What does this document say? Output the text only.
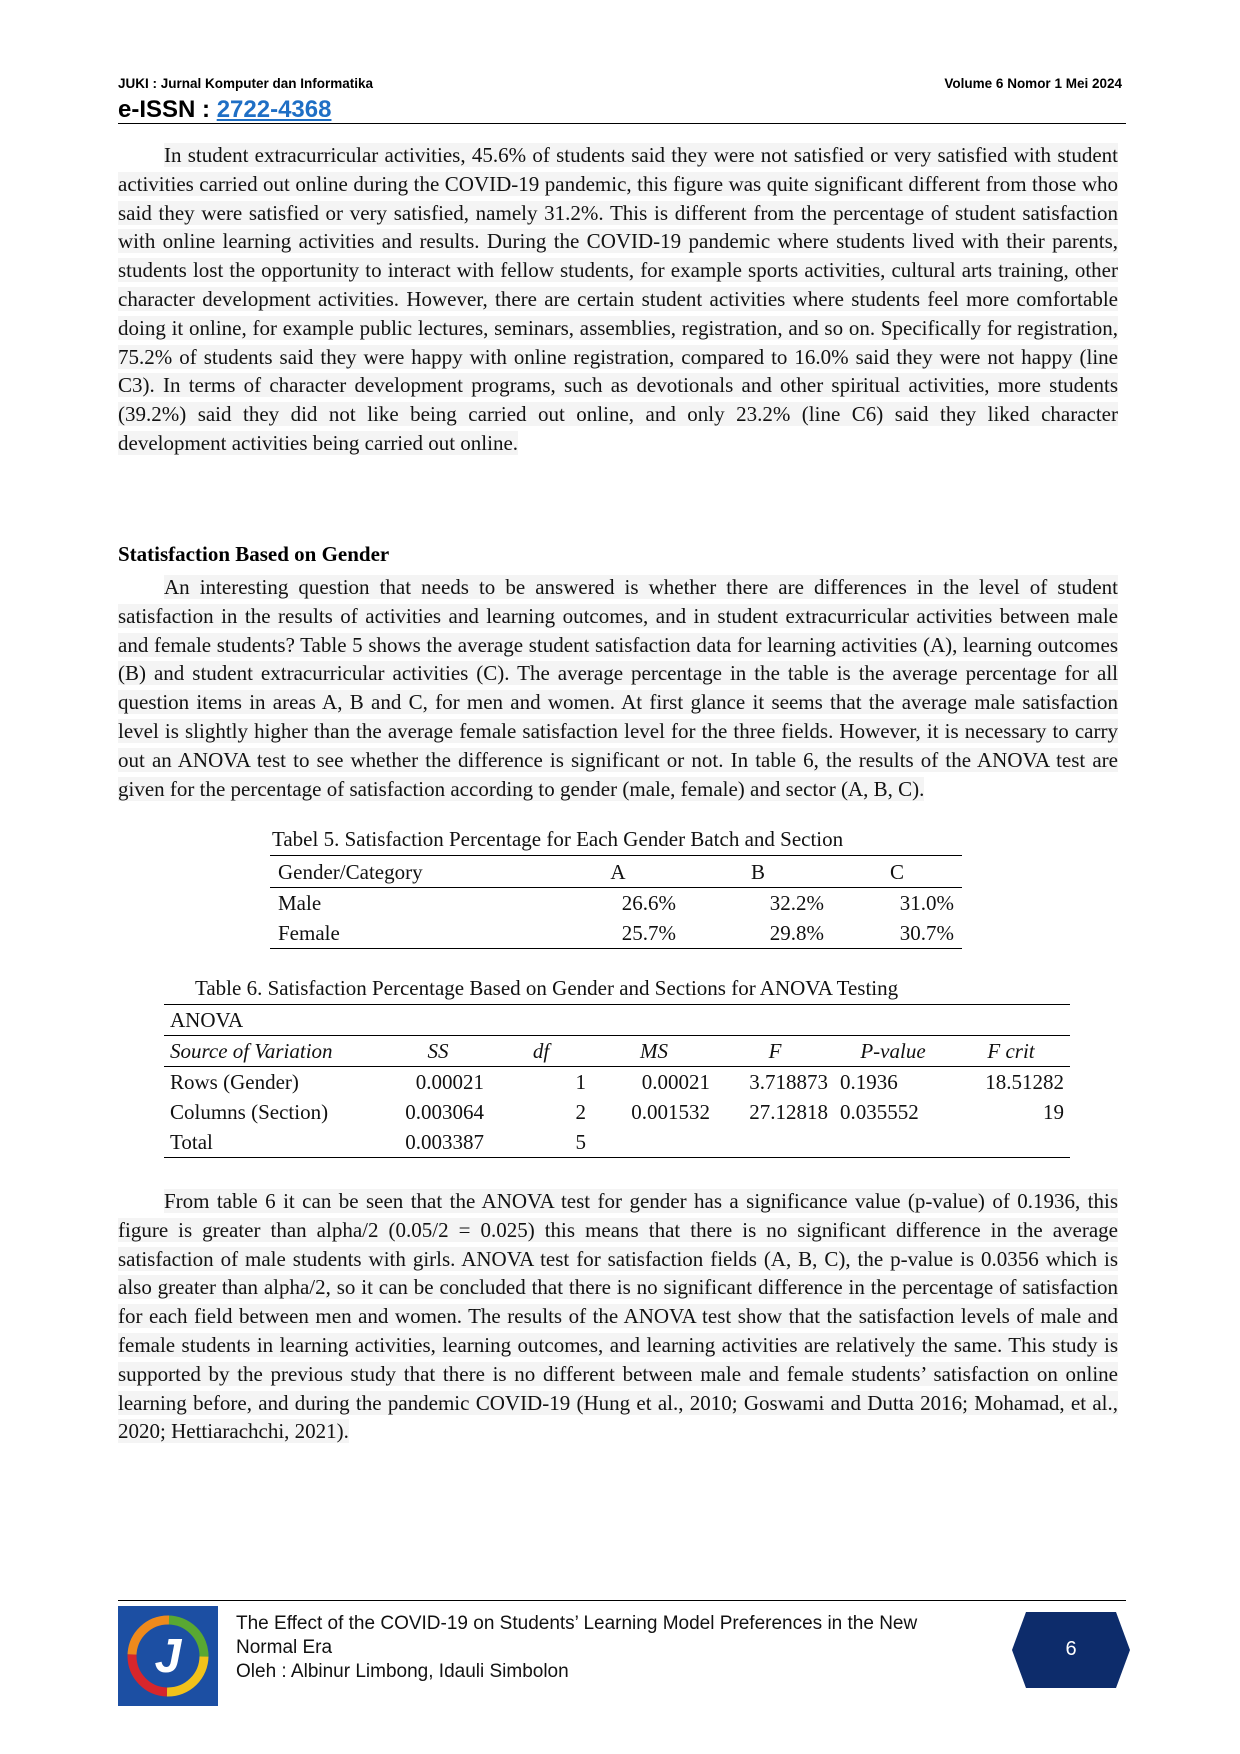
JUKI : Jurnal Komputer dan Informatika	Volume 6 Nomor 1 Mei 2024
e-ISSN : 2722-4368
In student extracurricular activities, 45.6% of students said they were not satisfied or very satisfied with student activities carried out online during the COVID-19 pandemic, this figure was quite significant different from those who said they were satisfied or very satisfied, namely 31.2%. This is different from the percentage of student satisfaction with online learning activities and results. During the COVID-19 pandemic where students lived with their parents, students lost the opportunity to interact with fellow students, for example sports activities, cultural arts training, other character development activities. However, there are certain student activities where students feel more comfortable doing it online, for example public lectures, seminars, assemblies, registration, and so on. Specifically for registration, 75.2% of students said they were happy with online registration, compared to 16.0% said they were not happy (line C3). In terms of character development programs, such as devotionals and other spiritual activities, more students (39.2%) said they did not like being carried out online, and only 23.2% (line C6) said they liked character development activities being carried out online.
Statisfaction Based on Gender
An interesting question that needs to be answered is whether there are differences in the level of student satisfaction in the results of activities and learning outcomes, and in student extracurricular activities between male and female students? Table 5 shows the average student satisfaction data for learning activities (A), learning outcomes (B) and student extracurricular activities (C). The average percentage in the table is the average percentage for all question items in areas A, B and C, for men and women. At first glance it seems that the average male satisfaction level is slightly higher than the average female satisfaction level for the three fields. However, it is necessary to carry out an ANOVA test to see whether the difference is significant or not. In table 6, the results of the ANOVA test are given for the percentage of satisfaction according to gender (male, female) and sector (A, B, C).
Tabel 5. Satisfaction Percentage for Each Gender Batch and Section
Gender/Category	A	B	C
Male	26.6%	32.2%	31.0%
Female	25.7%	29.8%	30.7%
Table 6. Satisfaction Percentage Based on Gender and Sections for ANOVA Testing
ANOVA						
Source of Variation	SS	df	MS	F	P-value	F crit
Rows (Gender)	0.00021	1	0.00021	3.718873	0.1936	18.51282
Columns (Section)	0.003064	2	0.001532	27.12818	0.035552	19
Total	0.003387	5				
From table 6 it can be seen that the ANOVA test for gender has a significance value (p-value) of 0.1936, this figure is greater than alpha/2 (0.05/2 = 0.025) this means that there is no significant difference in the average satisfaction of male students with girls. ANOVA test for satisfaction fields (A, B, C), the p-value is 0.0356 which is also greater than alpha/2, so it can be concluded that there is no significant difference in the percentage of satisfaction for each field between men and women. The results of the ANOVA test show that the satisfaction levels of male and female students in learning activities, learning outcomes, and learning activities are relatively the same. This study is supported by the previous study that there is no different between male and female students’ satisfaction on online learning before, and during the pandemic COVID-19 (Hung et al., 2010; Goswami and Dutta 2016; Mohamad, et al., 2020; Hettiarachchi, 2021).
J
The Effect of the COVID-19 on Students’ Learning Model Preferences in the New
Normal Era
Oleh : Albinur Limbong, Idauli Simbolon
6
